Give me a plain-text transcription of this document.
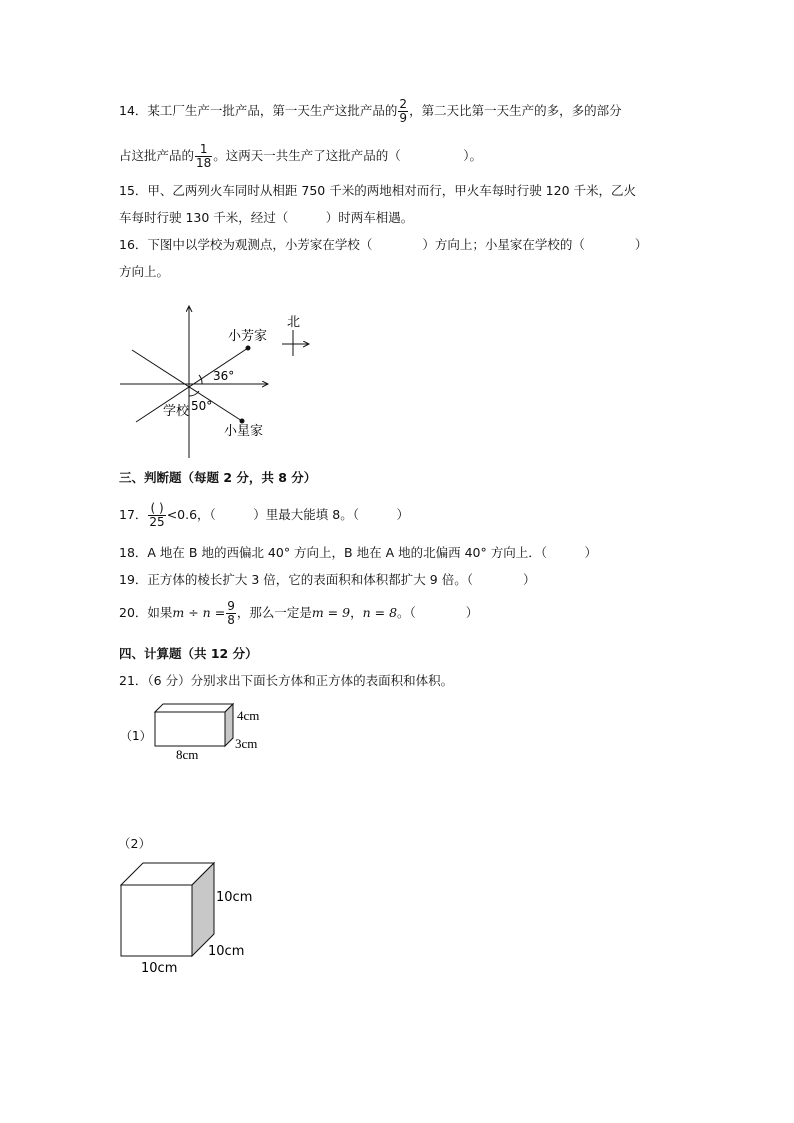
14．某工厂生产一批产品，第一天生产这批产品的 $\frac{2}{9}$ ，第二天比第一天生产的多，多的部分
占这批产品的 $\frac{1}{18}$ 。这两天一共生产了这批产品的（　　　　　）。
15．甲、乙两列火车同时从相距 750 千米的两地相对而行，甲火车每时行驶 120 千米，乙火
车每时行驶 130 千米，经过（　　　）时两车相遇。
16．下图中以学校为观测点，小芳家在学校（　　　　）方向上；小星家在学校的（　　　　）
方向上。
小芳家
小星家
学校
36°
50°
北
三、判断题（每题 2 分，共 8 分）
17． $\frac{( )}{25} <0.6$，（　　　）里最大能填 8。（　　　）
18．A 地在 B 地的西偏北 40° 方向上，B 地在 A 地的北偏西 40° 方向上．（　　　）
19．正方体的棱长扩大 3 倍，它的表面积和体积都扩大 9 倍。（　　　　）
20．如果$m \div n = \frac{9}{8}$ ，那么一定是m = 9，n = 8。（　　　　）
四、计算题（共 12 分）
21．（6 分）分别求出下面长方体和正方体的表面积和体积。
（1）
4cm
3cm
8cm
（2）
10cm
10cm
10cm
